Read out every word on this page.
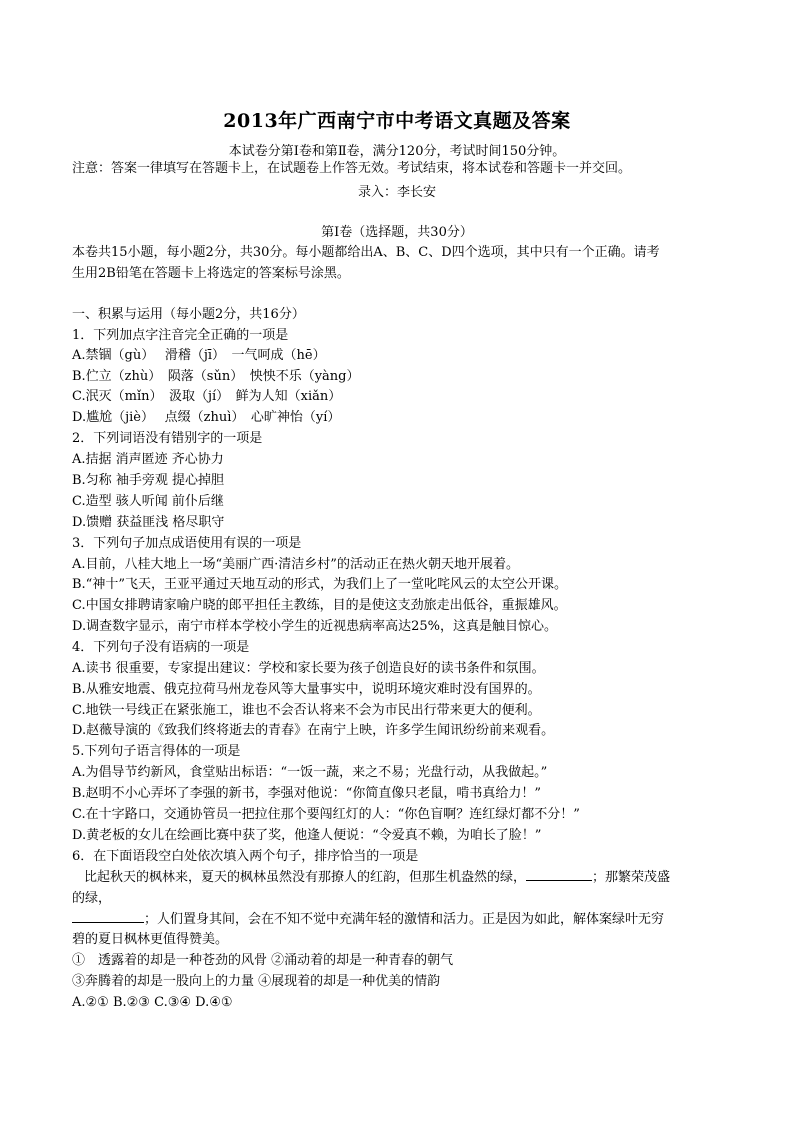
2013年广西南宁市中考语文真题及答案
本试卷分第Ⅰ卷和第Ⅱ卷，满分120分，考试时间150分钟。
注意：答案一律填写在答题卡上，在试题卷上作答无效。考试结束，将本试卷和答题卡一并交回。
录入：李长安
第Ⅰ卷（选择题，共30分）
本卷共15小题，每小题2分，共30分。每小题都给出A、B、C、D四个选项，其中只有一个正确。请考
生用2B铅笔在答题卡上将选定的答案标号涂黑。
一、积累与运用（每小题2分，共16分）
1．下列加点字注音完全正确的一项是
A.禁锢（gù）　 滑稽（jī）　一气呵成（hē）
B.伫立（zhù）　陨落（sǔn）　怏怏不乐（yàng）
C.泯灭（mǐn）　汲取（jí）　鲜为人知（xiǎn）
D.尴尬（jiè）　 点缀（zhuì）　心旷神怡（yí）
2．下列词语没有错别字的一项是
A.拮据 消声匿迹 齐心协力
B.匀称 袖手旁观 提心掉胆
C.造型 骇人听闻 前仆后继
D.馈赠 获益匪浅 格尽职守
3．下列句子加点成语使用有误的一项是
A.目前，八桂大地上一场“美丽广西·清洁乡村”的活动正在热火朝天地开展着。
B.“神十”飞天，王亚平通过天地互动的形式，为我们上了一堂叱咤风云的太空公开课。
C.中国女排聘请家喻户晓的郎平担任主教练，目的是使这支劲旅走出低谷，重振雄风。
D.调查数字显示，南宁市样本学校小学生的近视患病率高达25%，这真是触目惊心。
4．下列句子没有语病的一项是
A.读书 很重要，专家提出建议：学校和家长要为孩子创造良好的读书条件和氛围。
B.从雅安地震、俄克拉荷马州龙卷风等大量事实中，说明环境灾难时没有国界的。
C.地铁一号线正在紧张施工，谁也不会否认将来不会为市民出行带来更大的便利。
D.赵薇导演的《致我们终将逝去的青春》在南宁上映，许多学生闻讯纷纷前来观看。
5.下列句子语言得体的一项是
A.为倡导节约新风，食堂贴出标语：“一饭一蔬，来之不易；光盘行动，从我做起。”
B.赵明不小心弄坏了李强的新书，李强对他说：“你简直像只老鼠，啃书真给力！”
C.在十字路口，交通协管员一把拉住那个要闯红灯的人：“你色盲啊？连红绿灯都不分！”
D.黄老板的女儿在绘画比赛中获了奖，他逢人便说：“令爱真不赖，为咱长了脸！”
6．在下面语段空白处依次填入两个句子，排序恰当的一项是
比起秋天的枫林来，夏天的枫林虽然没有那撩人的红韵，但那生机盎然的绿，	；那繁荣茂盛
的绿，
；人们置身其间，会在不知不觉中充满年轻的激情和活力。正是因为如此，解体案绿叶无穷
碧的夏日枫林更值得赞美。
①　透露着的却是一种苍劲的风骨 ②涌动着的却是一种青春的朝气
③奔腾着的却是一股向上的力量 ④展现着的却是一种优美的情韵
A.②① B.②③ C.③④ D.④①
